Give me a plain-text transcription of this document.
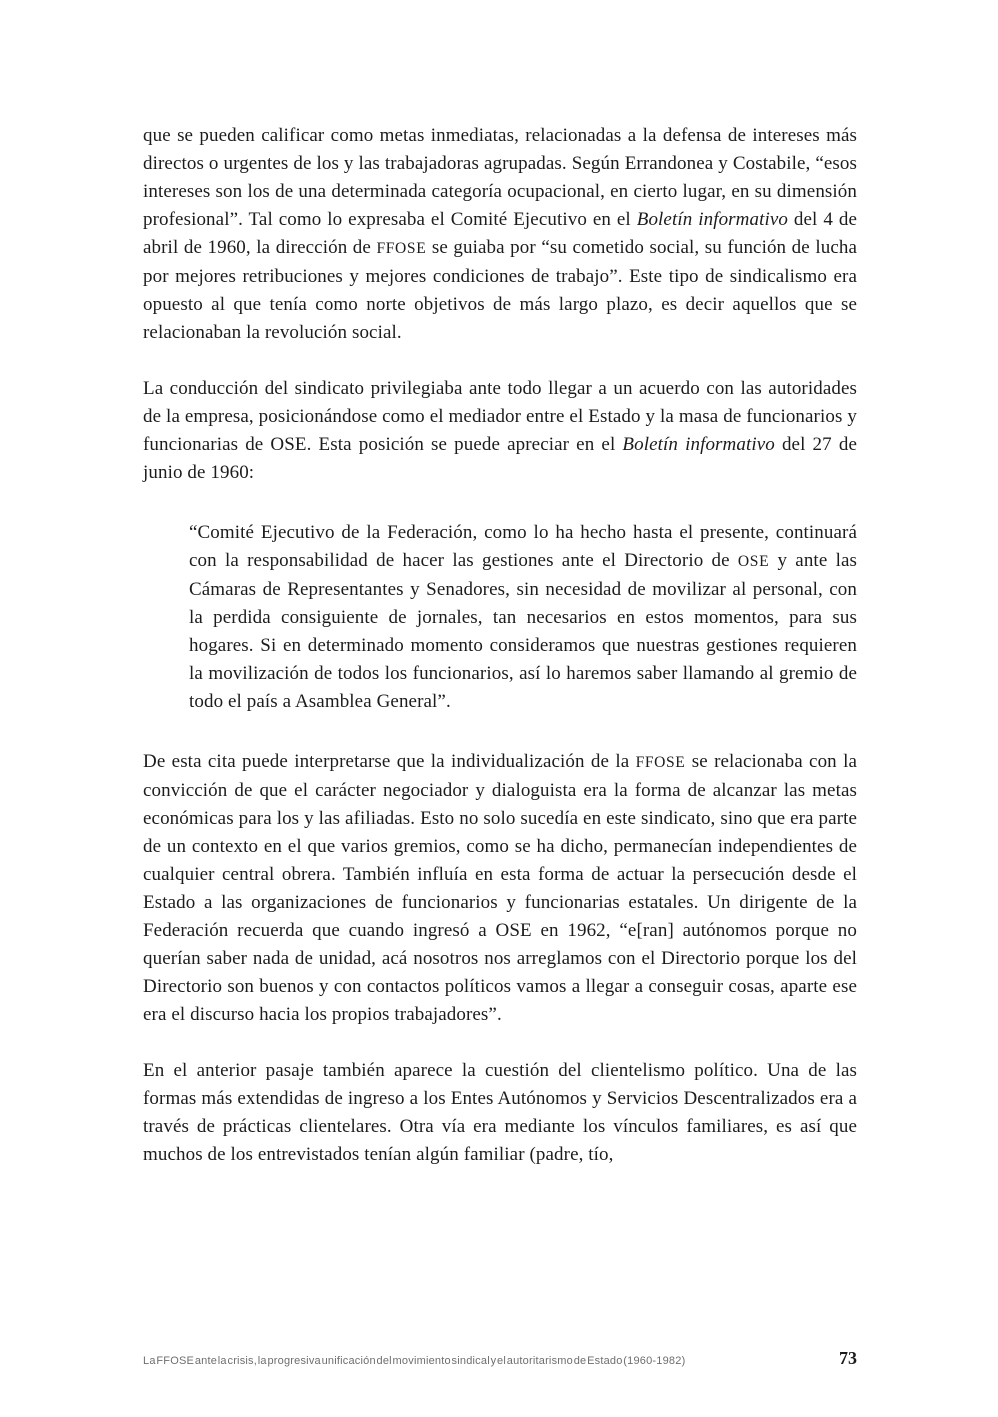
que se pueden calificar como metas inmediatas, relacionadas a la defensa de intereses más directos o urgentes de los y las trabajadoras agrupadas. Según Errandonea y Costabile, “esos intereses son los de una determinada categoría ocupacional, en cierto lugar, en su dimensión profesional”. Tal como lo expresaba el Comité Ejecutivo en el Boletín informativo del 4 de abril de 1960, la dirección de FFOSE se guiaba por “su cometido social, su función de lucha por mejores retribuciones y mejores condiciones de trabajo”. Este tipo de sindicalismo era opuesto al que tenía como norte objetivos de más largo plazo, es decir aquellos que se relacionaban la revolución social.

La conducción del sindicato privilegiaba ante todo llegar a un acuerdo con las autoridades de la empresa, posicionándose como el mediador entre el Estado y la masa de funcionarios y funcionarias de OSE. Esta posición se puede apreciar en el Boletín informativo del 27 de junio de 1960:

“Comité Ejecutivo de la Federación, como lo ha hecho hasta el presente, continuará con la responsabilidad de hacer las gestiones ante el Directorio de OSE y ante las Cámaras de Representantes y Senadores, sin necesidad de movilizar al personal, con la perdida consiguiente de jornales, tan necesarios en estos momentos, para sus hogares. Si en determinado momento consideramos que nuestras gestiones requieren la movilización de todos los funcionarios, así lo haremos saber llamando al gremio de todo el país a Asamblea General”.

De esta cita puede interpretarse que la individualización de la FFOSE se relacionaba con la convicción de que el carácter negociador y dialoguista era la forma de alcanzar las metas económicas para los y las afiliadas. Esto no solo sucedía en este sindicato, sino que era parte de un contexto en el que varios gremios, como se ha dicho, permanecían independientes de cualquier central obrera. También influía en esta forma de actuar la persecución desde el Estado a las organizaciones de funcionarios y funcionarias estatales. Un dirigente de la Federación recuerda que cuando ingresó a OSE en 1962, “e[ran] autónomos porque no querían saber nada de unidad, acá nosotros nos arreglamos con el Directorio porque los del Directorio son buenos y con contactos políticos vamos a llegar a conseguir cosas, aparte ese era el discurso hacia los propios trabajadores”.

En el anterior pasaje también aparece la cuestión del clientelismo político. Una de las formas más extendidas de ingreso a los Entes Autónomos y Servicios Descentralizados era a través de prácticas clientelares. Otra vía era mediante los vínculos familiares, es así que muchos de los entrevistados tenían algún familiar (padre, tío,

La FFOSE ante la crisis, la progresiva unificación del movimiento sindical y el autoritarismo de Estado (1960-1982)	73
